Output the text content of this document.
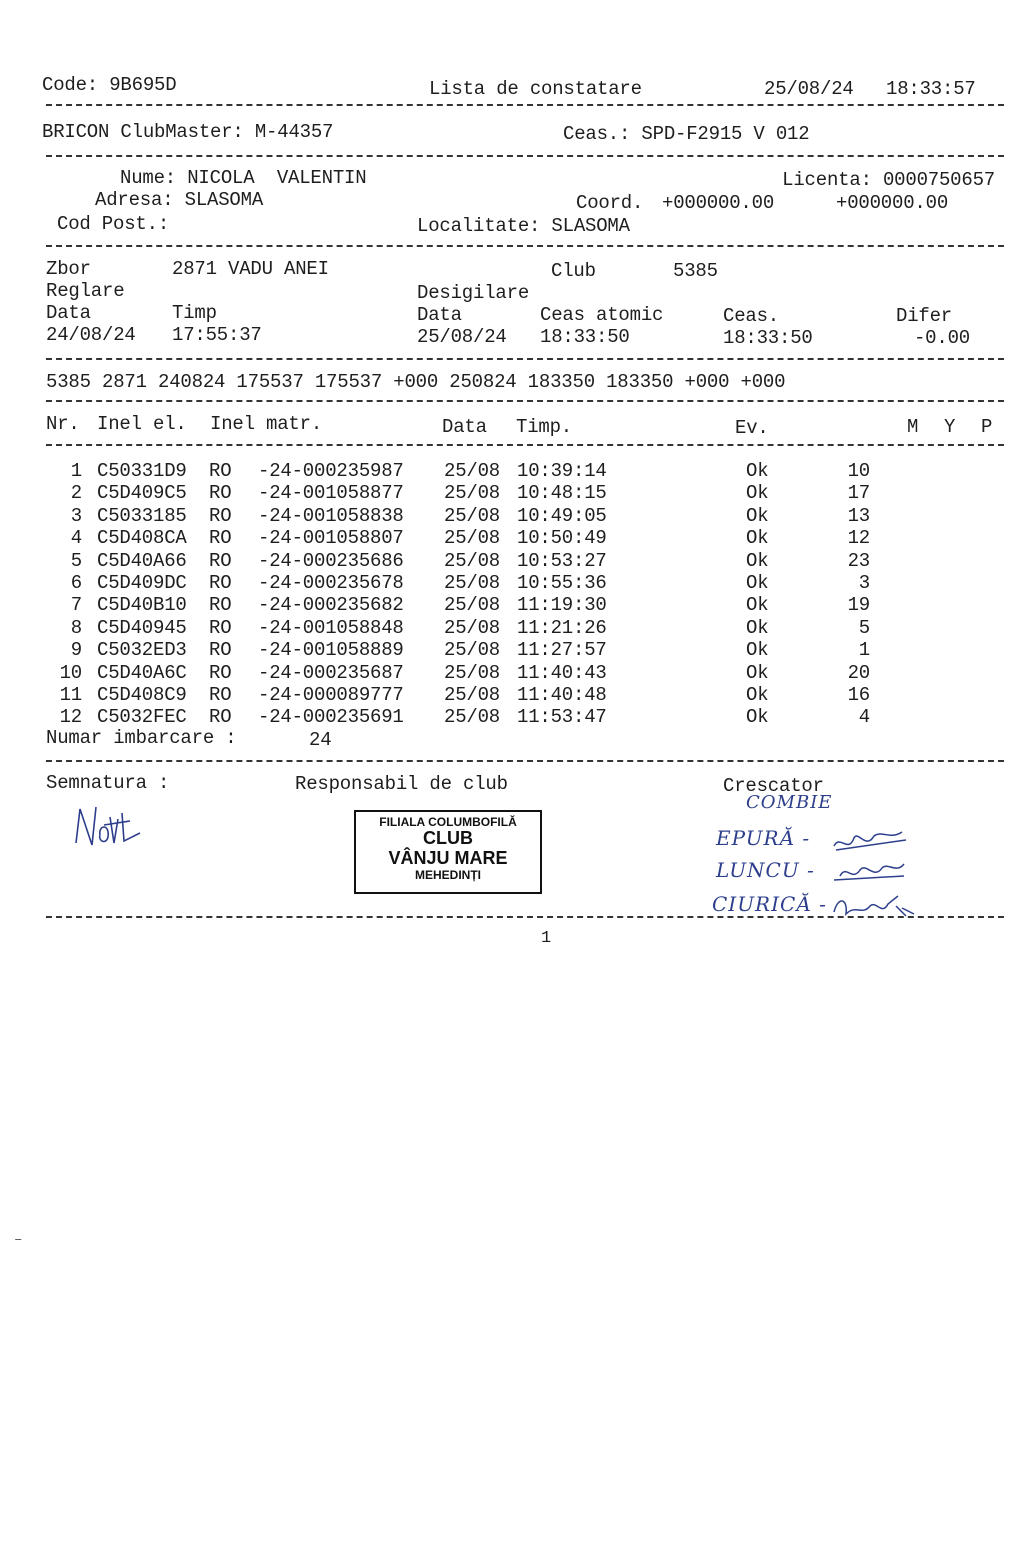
Code: 9B695D	Lista de constatare	25/08/24 18:33:57
BRICON ClubMaster: M-44357	Ceas.: SPD-F2915 V 012
Nume: NICOLA  VALENTIN	Licenta: 0000750657
Adresa: SLASOMA	Coord. +000000.00	+000000.00
Cod Post.:	Localitate: SLASOMA
Zbor	2871 VADU ANEI	Club	5385
Reglare	Desigilare
Data	Timp	Data	Ceas atomic	Ceas.	Difer
24/08/24 17:55:37	25/08/24 18:33:50	18:33:50	-0.00
5385 2871 240824 175537 175537 +000 250824 183350 183350 +000 +000
Nr. Inel el. Inel matr.	Data Timp.	Ev.	M Y P
1 C50331D9 RO -24-000235987 25/08 10:39:14	Ok	10
2 C5D409C5 RO -24-001058877 25/08 10:48:15	Ok	17
3 C5033185 RO -24-001058838 25/08 10:49:05	Ok	13
4 C5D408CA RO -24-001058807 25/08 10:50:49	Ok	12
5 C5D40A66 RO -24-000235686 25/08 10:53:27	Ok	23
6 C5D409DC RO -24-000235678 25/08 10:55:36	Ok	3
7 C5D40B10 RO -24-000235682 25/08 11:19:30	Ok	19
8 C5D40945 RO -24-001058848 25/08 11:21:26	Ok	5
9 C5032ED3 RO -24-001058889 25/08 11:27:57	Ok	1
10 C5D40A6C RO -24-000235687 25/08 11:40:43	Ok	20
11 C5D408C9 RO -24-000089777 25/08 11:40:48	Ok	16
12 C5032FEC RO -24-000235691 25/08 11:53:47	Ok	4
Numar imbarcare :	24
Semnatura :	Responsabil de club	Crescator
FILIALA COLUMBOFILĂ
CLUB
VÂNJU MARE
MEHEDINȚI
COMBIE
EPURĂ -
LUNCU -
CIURICĂ -
1
–
